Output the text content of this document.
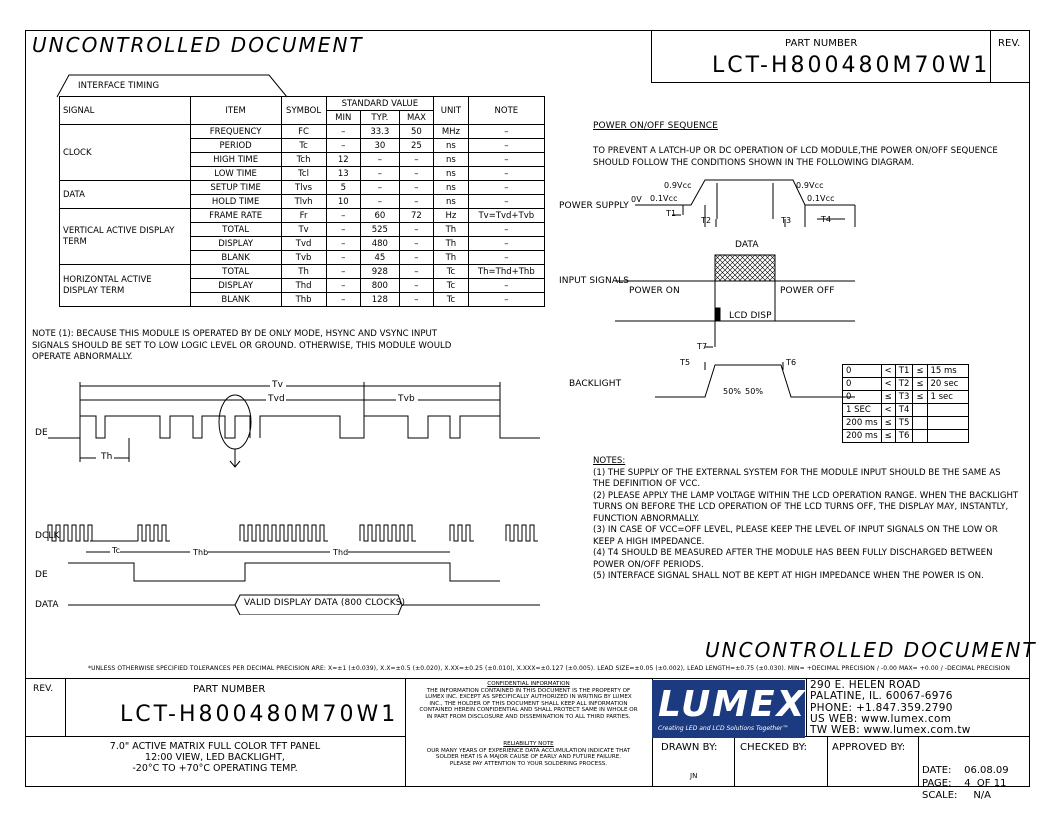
UNCONTROLLED DOCUMENT	PART NUMBER
LCT-H800480M70W1
REV.
INTERFACE TIMING
SIGNAL	ITEM	SYMBOL	STANDARD VALUE			UNIT	NOTE
			MIN	TYP.	MAX		
CLOCK	FREQUENCY	FC	–	33.3	50	MHz	–
	PERIOD	Tc	–	30	25	ns	–
	HIGH TIME	Tch	12	–	–	ns	–
	LOW TIME	Tcl	13	–	–	ns	–
DATA	SETUP TIME	Tlvs	5	–	–	ns	–
	HOLD TIME	Tlvh	10	–	–	ns	–
VERTICAL ACTIVE DISPLAY TERM	FRAME RATE	Fr	–	60	72	Hz	Tv=Tvd+Tvb
	TOTAL	Tv	–	525	–	Th	–
	DISPLAY	Tvd	–	480	–	Th	–
	BLANK	Tvb	–	45	–	Th	–
HORIZONTAL ACTIVE DISPLAY TERM	TOTAL	Th	–	928	–	Tc	Th=Thd+Thb
	DISPLAY	Thd	–	800	–	Tc	–
	BLANK	Thb	–	128	–	Tc	–
NOTE (1): BECAUSE THIS MODULE IS OPERATED BY DE ONLY MODE, HSYNC AND VSYNC INPUT
SIGNALS SHOULD BE SET TO LOW LOGIC LEVEL OR GROUND. OTHERWISE, THIS MODULE WOULD
OPERATE ABNORMALLY.
DE
Tv
Tvd	Tvb
Th
DCLK
Tc	Thb	Thd
DE
DATA	VALID DISPLAY DATA (800 CLOCKS)
POWER ON/OFF SEQUENCE
TO PREVENT A LATCH-UP OR DC OPERATION OF LCD MODULE,THE POWER ON/OFF SEQUENCE
SHOULD FOLLOW THE CONDITIONS SHOWN IN THE FOLLOWING DIAGRAM.
POWER SUPPLY
0.9Vcc
0.1Vcc
0V
0.9Vcc
0.1Vcc
T1
T2	T3	T4
DATA
INPUT SIGNALS
POWER ON	POWER OFF
LCD DISP
T7
T5	T6
BACKLIGHT
50% 50%
0	<	T1	≤	15 ms
0	<	T2	≤	20 sec
0	≤	T3	≤	1 sec
1 SEC	<	T4		
200 ms	≤	T5		
200 ms	≤	T6		
NOTES:
(1) THE SUPPLY OF THE EXTERNAL SYSTEM FOR THE MODULE INPUT SHOULD BE THE SAME AS
THE DEFINITION OF VCC.
(2) PLEASE APPLY THE LAMP VOLTAGE WITHIN THE LCD OPERATION RANGE. WHEN THE BACKLIGHT
TURNS ON BEFORE THE LCD OPERATION OF THE LCD TURNS OFF, THE DISPLAY MAY, INSTANTLY,
FUNCTION ABNORMALLY.
(3) IN CASE OF VCC=OFF LEVEL, PLEASE KEEP THE LEVEL OF INPUT SIGNALS ON THE LOW OR
KEEP A HIGH IMPEDANCE.
(4) T4 SHOULD BE MEASURED AFTER THE MODULE HAS BEEN FULLY DISCHARGED BETWEEN
POWER ON/OFF PERIODS.
(5) INTERFACE SIGNAL SHALL NOT BE KEPT AT HIGH IMPEDANCE WHEN THE POWER IS ON.
UNCONTROLLED DOCUMENT
*UNLESS OTHERWISE SPECIFIED TOLERANCES PER DECIMAL PRECISION ARE: X=±1 (±0.039), X.X=±0.5 (±0.020), X.XX=±0.25 (±0.010), X.XXX=±0.127 (±0.005). LEAD SIZE=±0.05 (±0.002), LEAD LENGTH=±0.75 (±0.030). MIN= +DECIMAL PRECISION / -0.00 MAX= +0.00 / -DECIMAL PRECISION
REV.	PART NUMBER
LCT-H800480M70W1
7.0" ACTIVE MATRIX FULL COLOR TFT PANEL
12:00 VIEW, LED BACKLIGHT,
-20°C TO +70°C OPERATING TEMP.
CONFIDENTIAL INFORMATION
THE INFORMATION CONTAINED IN THIS DOCUMENT IS THE PROPERTY OF
LUMEX INC. EXCEPT AS SPECIFICALLY AUTHORIZED IN WRITING BY LUMEX
INC., THE HOLDER OF THIS DOCUMENT SHALL KEEP ALL INFORMATION
CONTAINED HEREIN CONFIDENTIAL AND SHALL PROTECT SAME IN WHOLE OR
IN PART FROM DISCLOSURE AND DISSEMINATION TO ALL THIRD PARTIES.
RELIABILITY NOTE
OUR MANY YEARS OF EXPERIENCE DATA ACCUMULATION INDICATE THAT
SOLDER HEAT IS A MAJOR CAUSE OF EARLY AND FUTURE FAILURE.
PLEASE PAY ATTENTION TO YOUR SOLDERING PROCESS.
LUMEX
Creating LED and LCD Solutions Together™
290 E. HELEN ROAD
PALATINE, IL. 60067-6976
PHONE: +1.847.359.2790
US WEB: www.lumex.com
TW WEB: www.lumex.com.tw
DRAWN BY:
JN
CHECKED BY: APPROVED BY:

DATE:    06.08.09
PAGE:    4  OF 11
SCALE:     N/A
